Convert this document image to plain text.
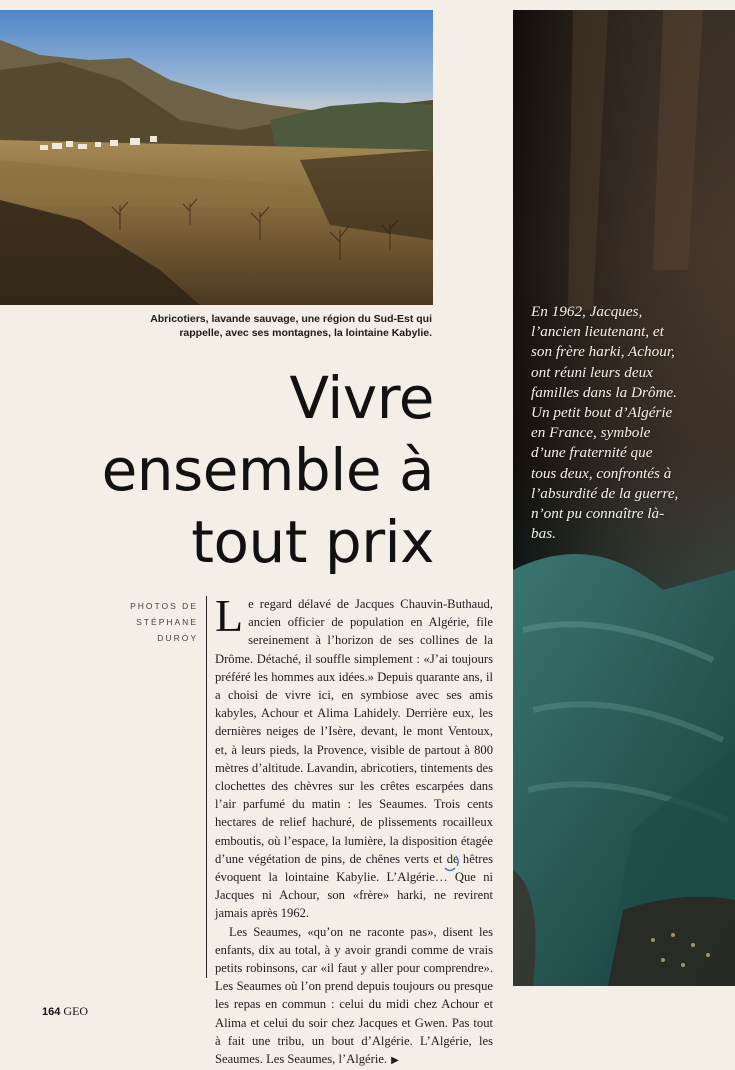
Abricotiers, lavande sauvage, une région du Sud-Est qui rappelle, avec ses montagnes, la lointaine Kabylie.
Vivre
ensemble à
tout prix
PHOTOS DE
STÉPHANE
DUROY Le regard délavé de Jacques Chauvin-Buthaud, ancien officier de population en Algérie, file sereinement à l’horizon de ses collines de la Drôme. Détaché, il souffle simplement : «J’ai toujours préféré les hommes aux idées.» Depuis quarante ans, il a choisi de vivre ici, en symbiose avec ses amis kabyles, Achour et Alima Lahidely. Derrière eux, les dernières neiges de l’Isère, devant, le mont Ventoux, et, à leurs pieds, la Provence, visible de partout à 800 mètres d’altitude. Lavandin, abricotiers, tintements des clochettes des chèvres sur les crêtes escarpées dans l’air parfumé du matin : les Seaumes. Trois cents hectares de relief hachuré, de plissements rocailleux emboutis, où l’espace, la lumière, la disposition étagée d’une végétation de pins, de chênes verts et de hêtres évoquent la lointaine Kabylie. L’Algérie… Que ni Jacques ni Achour, son «frère» harki, ne revirent jamais après 1962.

Les Seaumes, «qu’on ne raconte pas», disent les enfants, dix au total, à y avoir grandi comme de vrais petits robinsons, car «il faut y aller pour comprendre». Les Seaumes où l’on prend depuis toujours ou presque les repas en commun : celui du midi chez Achour et Alima et celui du soir chez Jacques et Gwen. Pas tout à fait une tribu, un bout d’Algérie. L’Algérie, les Seaumes. Les Seaumes, l’Algérie. ▶

En 1962, Jacques, l’ancien lieutenant, et son frère harki, Achour, ont réuni leurs deux familles dans la Drôme. Un petit bout d’Algérie en France, symbole d’une fraternité que tous deux, confrontés à l’absurdité de la guerre, n’ont pu connaître là-bas.
164 GEO
